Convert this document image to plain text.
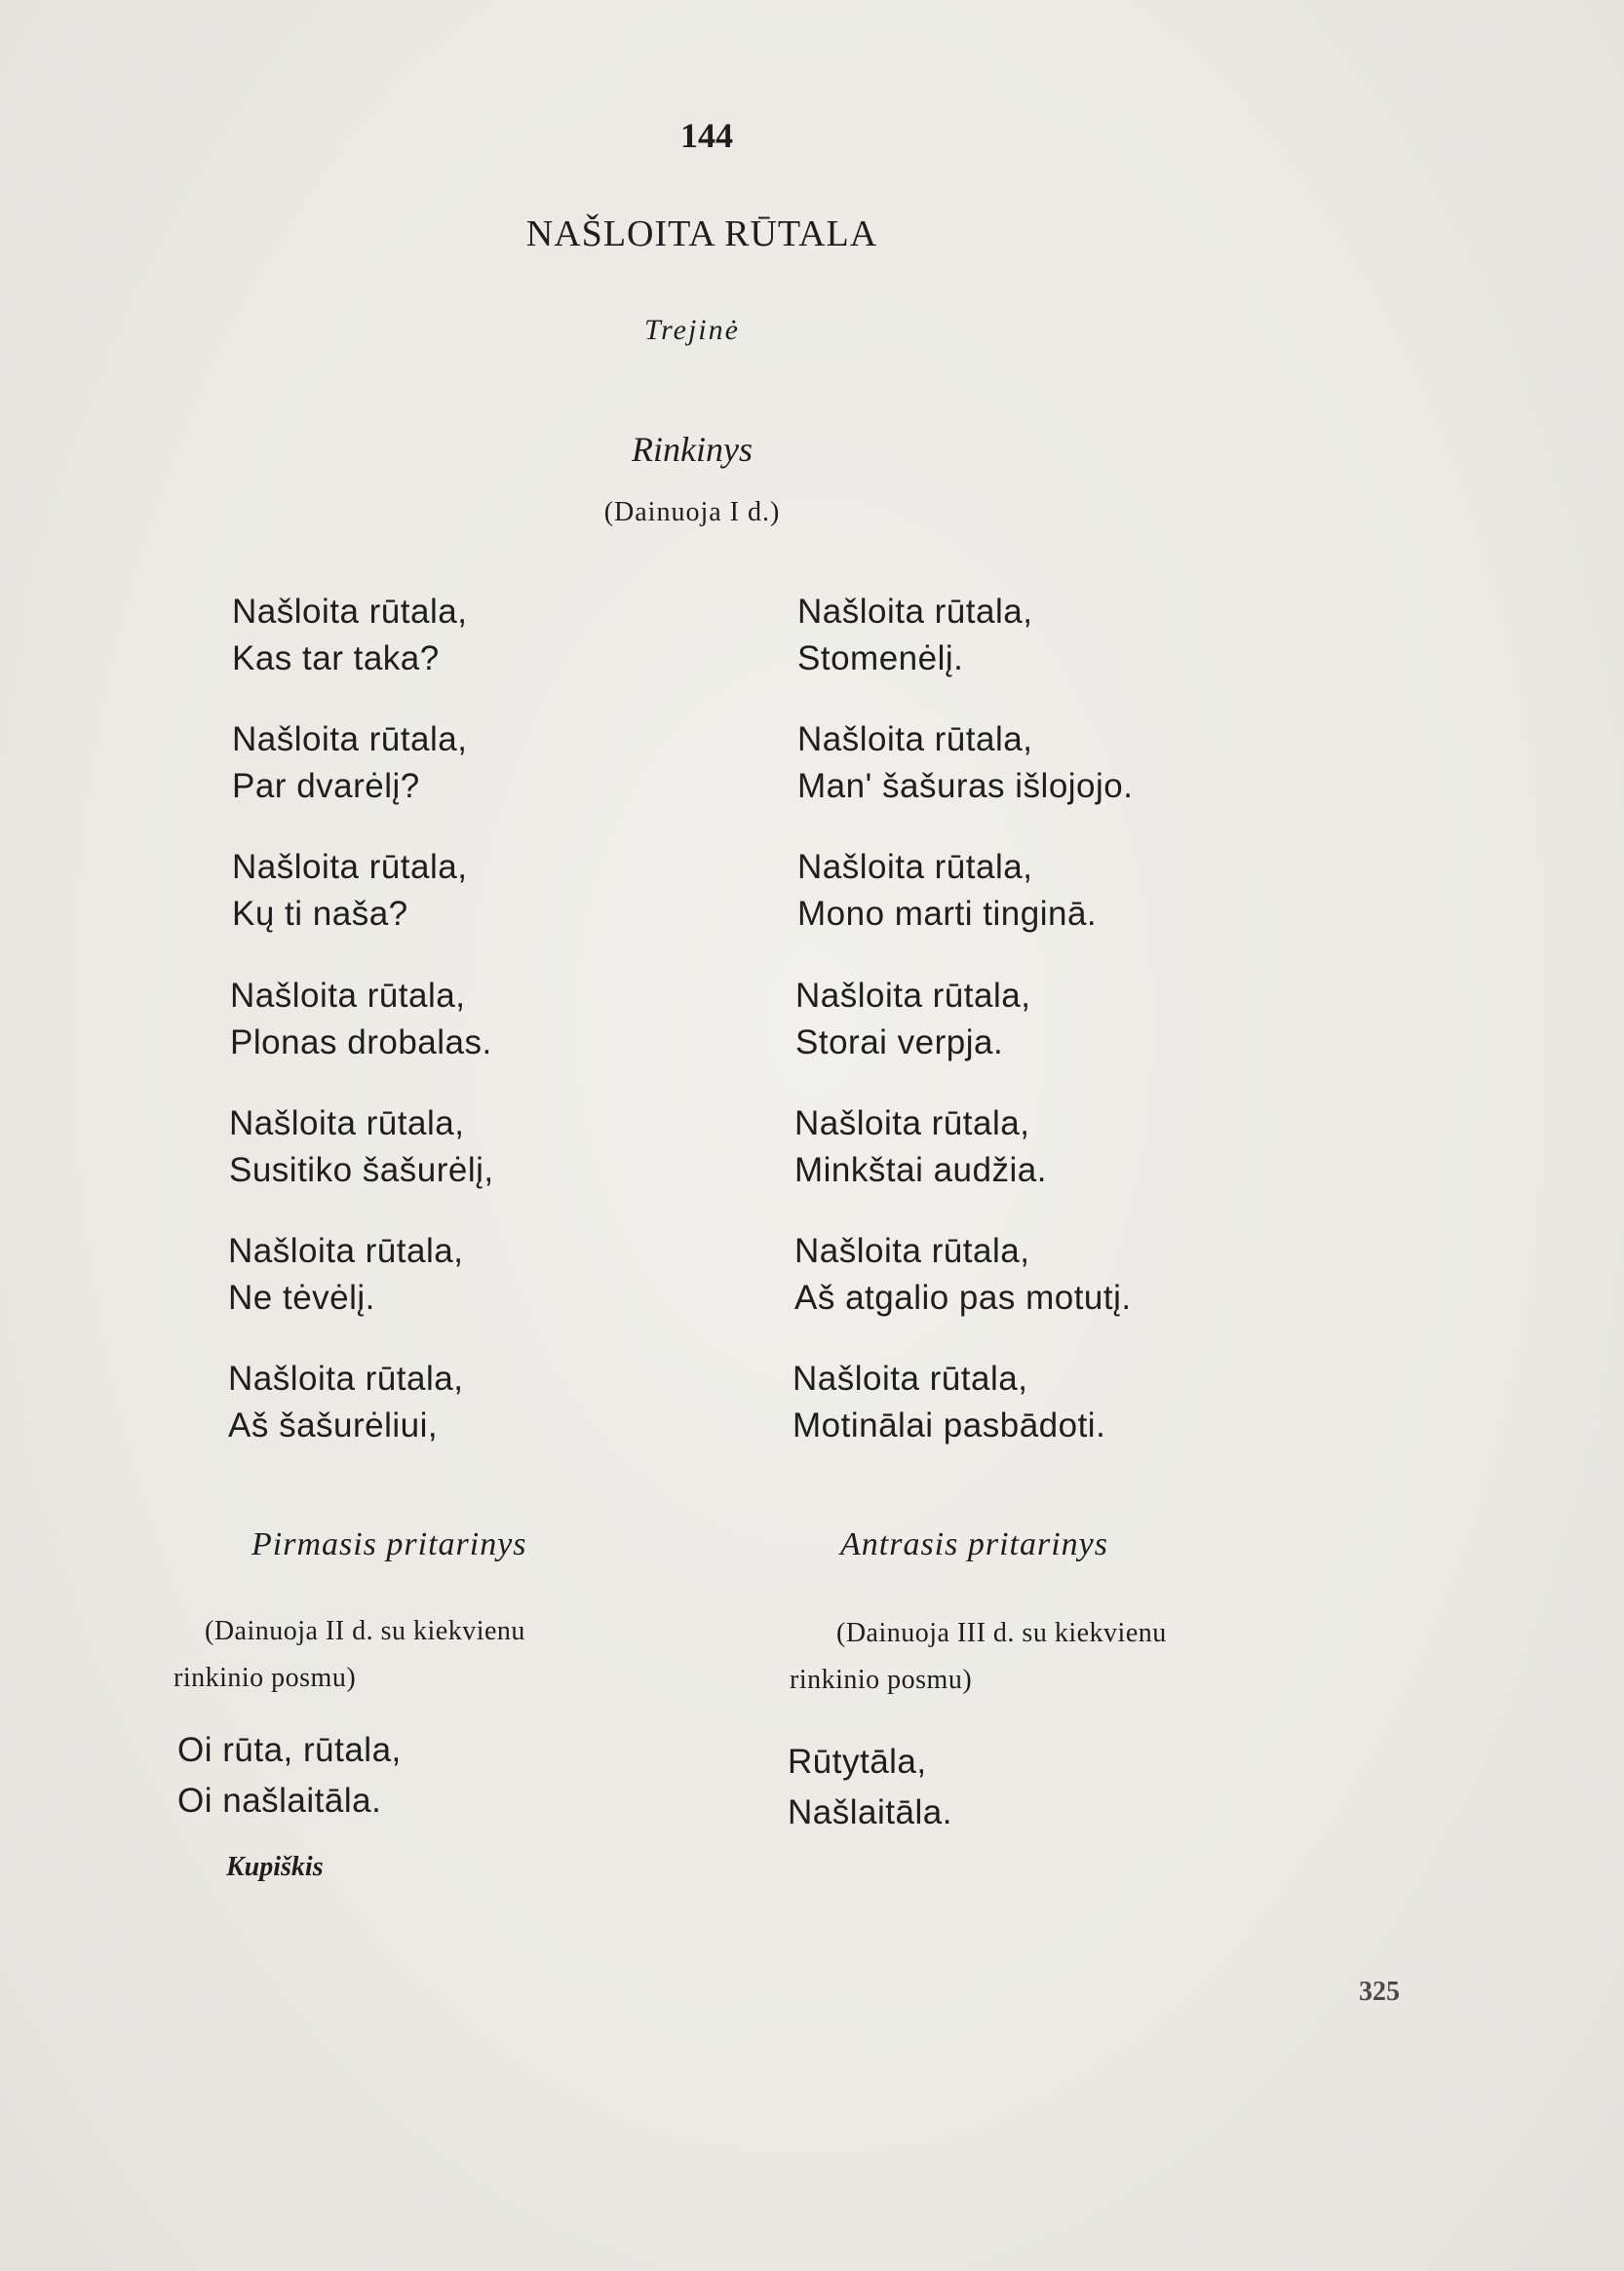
144
NAŠLOITA RŪTALA
Trejinė
Rinkinys
(Dainuoja I d.)
Našloita rūtala,
Kas tar taka?
Našloita rūtala,
Par dvarėlį?
Našloita rūtala,
Kų ti naša?
Našloita rūtala,
Plonas drobalas.
Našloita rūtala,
Susitiko šašurėlį,
Našloita rūtala,
Ne tėvėlį.
Našloita rūtala,
Aš šašurėliui,
Našloita rūtala,
Stomenėlį.
Našloita rūtala,
Man' šašuras išlojojo.
Našloita rūtala,
Mono marti tinginā.
Našloita rūtala,
Storai verpja.
Našloita rūtala,
Minkštai audžia.
Našloita rūtala,
Aš atgalio pas motutį.
Našloita rūtala,
Motinālai pasbādoti.
Pirmasis pritarinys
(Dainuoja II d. su kiekvienu
rinkinio posmu)
Oi rūta, rūtala,
Oi našlaitāla.
Antrasis pritarinys
(Dainuoja III d. su kiekvienu
rinkinio posmu)
Rūtytāla,
Našlaitāla.
Kupiškis
325
